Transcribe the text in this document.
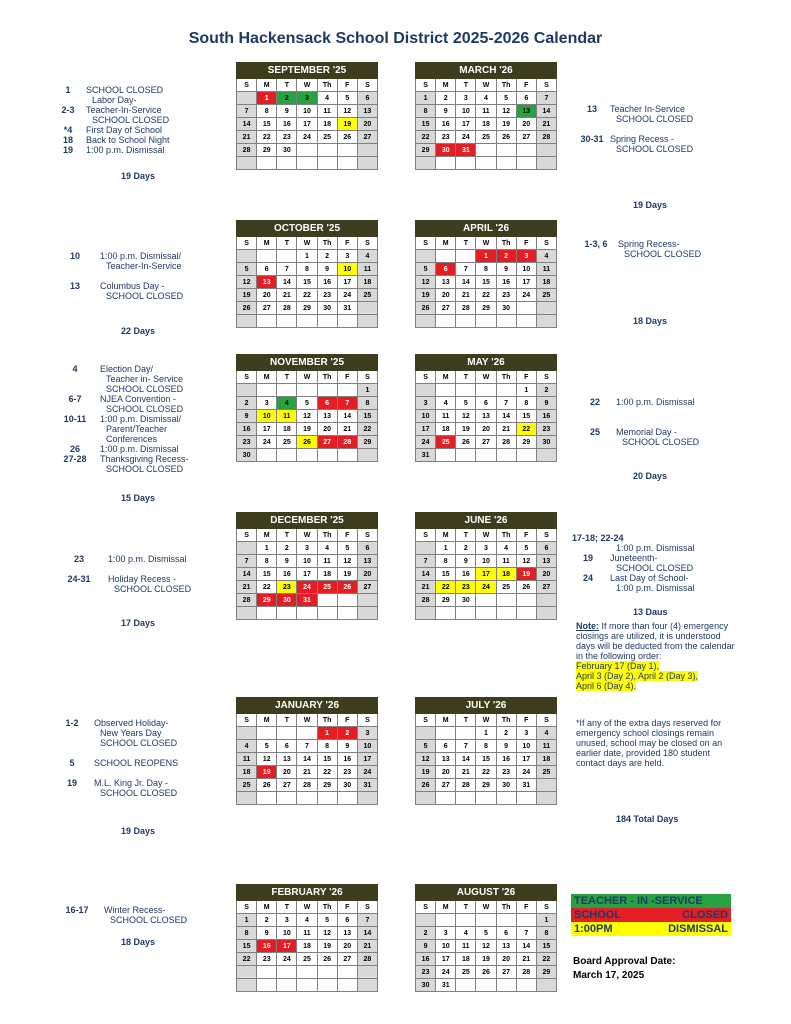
South Hackensack School District 2025-2026 Calendar
SEPTEMBER '25						
S	M	T	W	Th	F	S
	1	2	3	4	5	6
7	8	9	10	11	12	13
14	15	16	17	18	19	20
21	22	23	24	25	26	27
28	29	30				

MARCH '26						
S	M	T	W	Th	F	S
1	2	3	4	5	6	7
8	9	10	11	12	13	14
15	16	17	18	19	20	21
22	23	24	25	26	27	28
29	30	31				

OCTOBER '25						
S	M	T	W	Th	F	S
			1	2	3	4
5	6	7	8	9	10	11
12	13	14	15	16	17	18
19	20	21	22	23	24	25
26	27	28	29	30	31	

APRIL '26						
S	M	T	W	Th	F	S
			1	2	3	4
5	6	7	8	9	10	11
12	13	14	15	16	17	18
19	20	21	22	23	24	25
26	27	28	29	30		

NOVEMBER '25						
S	M	T	W	Th	F	S
						1
2	3	4	5	6	7	8
9	10	11	12	13	14	15
16	17	18	19	20	21	22
23	24	25	26	27	28	29
30						
MAY '26						
S	M	T	W	Th	F	S
					1	2
3	4	5	6	7	8	9
10	11	12	13	14	15	16
17	18	19	20	21	22	23
24	25	26	27	28	29	30
31						
DECEMBER '25						
S	M	T	W	Th	F	S
	1	2	3	4	5	6
7	8	9	10	11	12	13
14	15	16	17	18	19	20
21	22	23	24	25	26	27
28	29	30	31			

JUNE '26						
S	M	T	W	Th	F	S
	1	2	3	4	5	6
7	8	9	10	11	12	13
14	15	16	17	18	19	20
21	22	23	24	25	26	27
28	29	30				

JANUARY '26						
S	M	T	W	Th	F	S
				1	2	3
4	5	6	7	8	9	10
11	12	13	14	15	16	17
18	19	20	21	22	23	24
25	26	27	28	29	30	31

JULY '26						
S	M	T	W	Th	F	S
			1	2	3	4
5	6	7	8	9	10	11
12	13	14	15	16	17	18
19	20	21	22	23	24	25
26	27	28	29	30	31	

FEBRUARY '26						
S	M	T	W	Th	F	S
1	2	3	4	5	6	7
8	9	10	11	12	13	14
15	16	17	18	19	20	21
22	23	24	25	26	27	28

AUGUST '26						
S	M	T	W	Th	F	S
						1
2	3	4	5	6	7	8
9	10	11	12	13	14	15
16	17	18	19	20	21	22
23	24	25	26	27	28	29
30	31					
1	SCHOOL CLOSED
Labor Day-
2-3	Teacher-In-Service
SCHOOL CLOSED
*4	First Day of School
18	Back to School Night
19	1:00 p.m. Dismissal
13	Teacher In-Service
SCHOOL CLOSED
30-31 Spring Recess -
SCHOOL CLOSED
10	1:00 p.m. Dismissal/
Teacher-In-Service
13	Columbus Day -
SCHOOL CLOSED
1-3, 6	Spring Recess-
SCHOOL CLOSED
4	Election Day/
Teacher in- Service
SCHOOL CLOSED
6-7	NJEA Convention -
SCHOOL CLOSED
10-11	1:00 p.m. Dismissal/
Parent/Teacher
Conferences
26	1:00 p.m. Dismissal
27-28	Thanksgiving Recess-
SCHOOL CLOSED
22	1:00 p.m. Dismissal
25	Memorial Day -
SCHOOL CLOSED
23	1:00 p.m. Dismissal
24-31	Holiday Recess -
SCHOOL CLOSED
17-18; 22-24
1:00 p.m. Dismissal
19	Juneteenth-
SCHOOL CLOSED
24	Last Day of School-
1:00 p.m. Dismissal
1-2	Observed Holiday-
New Years Day
SCHOOL CLOSED
5	SCHOOL REOPENS
19	M.L. King Jr. Day -
SCHOOL CLOSED
16-17	Winter Recess-
SCHOOL CLOSED
19 Days
19 Days
22 Days
18 Days
15 Days
20 Days
17 Days
13 Daus
19 Days
18 Days
Note: If more than four (4) emergency closings are utilized, it is understood days will be deducted from the calendar in the following order:
February 17 (Day 1),
April 3 (Day 2), April 2 (Day 3),
April 6 (Day 4).
*If any of the extra days reserved for emergency school closings remain unused, school may be closed on an earlier date, provided 180 student contact days are held.
184 Total Days
TEACHER - IN -SERVICE
SCHOOL	CLOSED
1:00PM	DISMISSAL
Board Approval Date:
March 17, 2025
